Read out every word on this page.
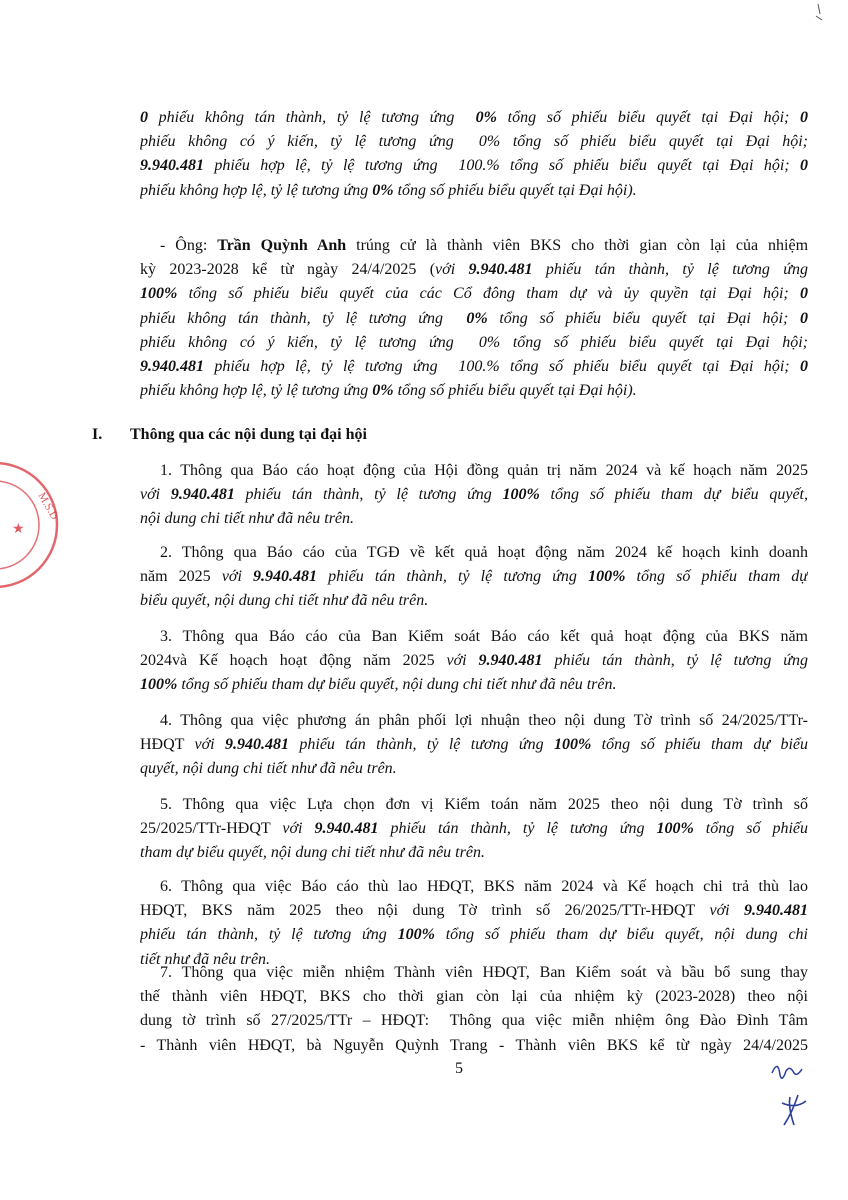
0 phiếu không tán thành, tỷ lệ tương ứng  0% tổng số phiếu biểu quyết tại Đại hội; 0
phiếu không có ý kiến, tỷ lệ tương ứng  0% tổng số phiếu biểu quyết tại Đại hội;
9.940.481 phiếu hợp lệ, tỷ lệ tương ứng  100.% tổng số phiếu biểu quyết tại Đại hội; 0
phiếu không hợp lệ, tỷ lệ tương ứng 0% tổng số phiếu biểu quyết tại Đại hội).
- Ông: Trần Quỳnh Anh trúng cử là thành viên BKS cho thời gian còn lại của nhiệm
kỳ 2023-2028 kể từ ngày 24/4/2025 (với 9.940.481 phiếu tán thành, tỷ lệ tương ứng
100% tổng số phiếu biểu quyết của các Cổ đông tham dự và ủy quyền tại Đại hội; 0
phiếu không tán thành, tỷ lệ tương ứng  0% tổng số phiếu biểu quyết tại Đại hội; 0
phiếu không có ý kiến, tỷ lệ tương ứng  0% tổng số phiếu biểu quyết tại Đại hội;
9.940.481 phiếu hợp lệ, tỷ lệ tương ứng  100.% tổng số phiếu biểu quyết tại Đại hội; 0
phiếu không hợp lệ, tỷ lệ tương ứng 0% tổng số phiếu biểu quyết tại Đại hội).
1. Thông qua Báo cáo hoạt động của Hội đồng quản trị năm 2024 và kế hoạch năm 2025
với 9.940.481 phiếu tán thành, tỷ lệ tương ứng 100% tổng số phiếu tham dự biểu quyết,
nội dung chi tiết như đã nêu trên.
2. Thông qua Báo cáo của TGĐ về kết quả hoạt động năm 2024 kế hoạch kinh doanh
năm 2025 với 9.940.481 phiếu tán thành, tỷ lệ tương ứng 100% tổng số phiếu tham dự
biểu quyết, nội dung chi tiết như đã nêu trên.
3. Thông qua Báo cáo của Ban Kiểm soát Báo cáo kết quả hoạt động của BKS năm
2024và Kế hoạch hoạt động năm 2025 với 9.940.481 phiếu tán thành, tỷ lệ tương ứng
100% tổng số phiếu tham dự biểu quyết, nội dung chi tiết như đã nêu trên.
4. Thông qua việc phương án phân phối lợi nhuận theo nội dung Tờ trình số 24/2025/TTr-
HĐQT với 9.940.481 phiếu tán thành, tỷ lệ tương ứng 100% tổng số phiếu tham dự biểu
quyết, nội dung chi tiết như đã nêu trên.
5. Thông qua việc Lựa chọn đơn vị Kiểm toán năm 2025 theo nội dung Tờ trình số
25/2025/TTr-HĐQT với 9.940.481 phiếu tán thành, tỷ lệ tương ứng 100% tổng số phiếu
tham dự biểu quyết, nội dung chi tiết như đã nêu trên.
6. Thông qua việc Báo cáo thù lao HĐQT, BKS năm 2024 và Kế hoạch chi trả thù lao
HĐQT, BKS năm 2025 theo nội dung Tờ trình số 26/2025/TTr-HĐQT với 9.940.481
phiếu tán thành, tỷ lệ tương ứng 100% tổng số phiếu tham dự biểu quyết, nội dung chi
tiết như đã nêu trên.
7. Thông qua việc miễn nhiệm Thành viên HĐQT, Ban Kiểm soát và bầu bổ sung thay
thế thành viên HĐQT, BKS cho thời gian còn lại của nhiệm kỳ (2023-2028) theo nội
dung tờ trình số 27/2025/TTr – HĐQT:  Thông qua việc miễn nhiệm ông Đào Đình Tâm
- Thành viên HĐQT, bà Nguyễn Quỳnh Trang - Thành viên BKS kể từ ngày 24/4/2025
I. Thông qua các nội dung tại đại hội
5
M.S.D
★
